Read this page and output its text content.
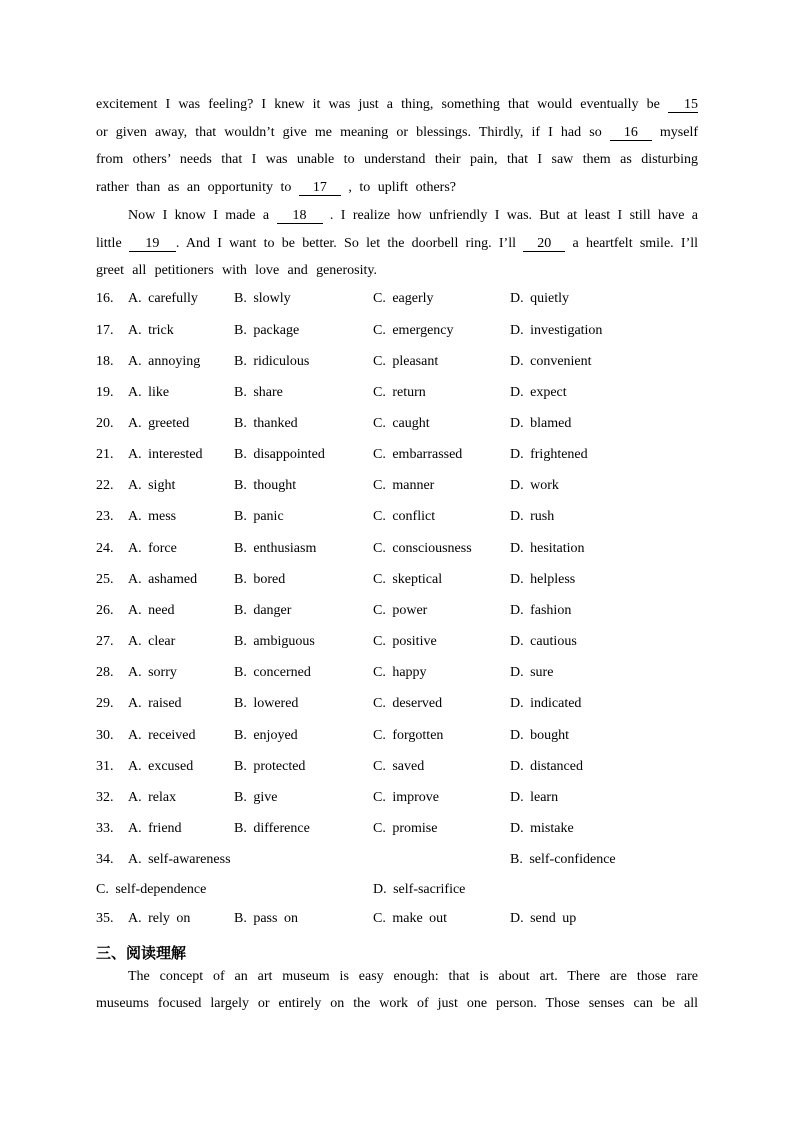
excitement I was feeling? I knew it was just a thing, something that would eventually be 15
or given away, that wouldn’t give me meaning or blessings. Thirdly, if I had so 16 myself
from others’ needs that I was unable to understand their pain, that I saw them as disturbing
rather than as an opportunity to 17 , to uplift others?
Now I know I made a 18 . I realize how unfriendly I was. But at least I still have a
little 19 . And I want to be better. So let the doorbell ring. I’ll 20 a heartfelt smile. I’ll
greet all petitioners with love and generosity.
16.	A. carefully	B. slowly	C. eagerly	D. quietly
17.	A. trick	B. package	C. emergency	D. investigation
18.	A. annoying	B. ridiculous	C. pleasant	D. convenient
19.	A. like	B. share	C. return	D. expect
20.	A. greeted	B. thanked	C. caught	D. blamed
21.	A. interested	B. disappointed	C. embarrassed	D. frightened
22.	A. sight	B. thought	C. manner	D. work
23.	A. mess	B. panic	C. conflict	D. rush
24.	A. force	B. enthusiasm	C. consciousness	D. hesitation
25.	A. ashamed	B. bored	C. skeptical	D. helpless
26.	A. need	B. danger	C. power	D. fashion
27.	A. clear	B. ambiguous	C. positive	D. cautious
28.	A. sorry	B. concerned	C. happy	D. sure
29.	A. raised	B. lowered	C. deserved	D. indicated
30.	A. received	B. enjoyed	C. forgotten	D. bought
31.	A. excused	B. protected	C. saved	D. distanced
32.	A. relax	B. give	C. improve	D. learn
33.	A. friend	B. difference	C. promise	D. mistake
34.	A. self-awareness	B. self-confidence
C. self-dependence	D. self-sacrifice
35.	A. rely on	B. pass on	C. make out	D. send up
三、阅读理解
The concept of an art museum is easy enough: that is about art. There are those rare
museums focused largely or entirely on the work of just one person. Those senses can be all
